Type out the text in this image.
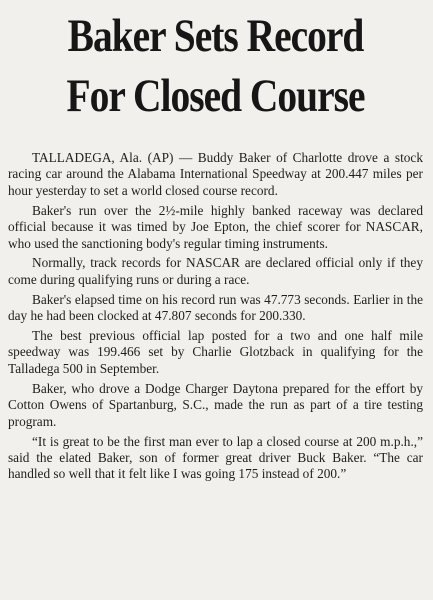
Baker Sets Record
For Closed Course

TALLADEGA, Ala. (AP) — Buddy Baker of Charlotte drove a stock racing car around the Alabama International Speedway at 200.447 miles per hour yesterday to set a world closed course record.

Baker's run over the 2½-mile highly banked raceway was declared official because it was timed by Joe Epton, the chief scorer for NASCAR, who used the sanctioning body's regular timing instruments.

Normally, track records for NASCAR are declared official only if they come during qualifying runs or during a race.

Baker's elapsed time on his record run was 47.773 seconds. Earlier in the day he had been clocked at 47.807 seconds for 200.330.

The best previous official lap posted for a two and one half mile speedway was 199.466 set by Charlie Glotzback in qualifying for the Talladega 500 in September.

Baker, who drove a Dodge Charger Daytona prepared for the effort by Cotton Owens of Spartanburg, S.C., made the run as part of a tire testing program.

“It is great to be the first man ever to lap a closed course at 200 m.p.h.,” said the elated Baker, son of former great driver Buck Baker. “The car handled so well that it felt like I was going 175 instead of 200.”
